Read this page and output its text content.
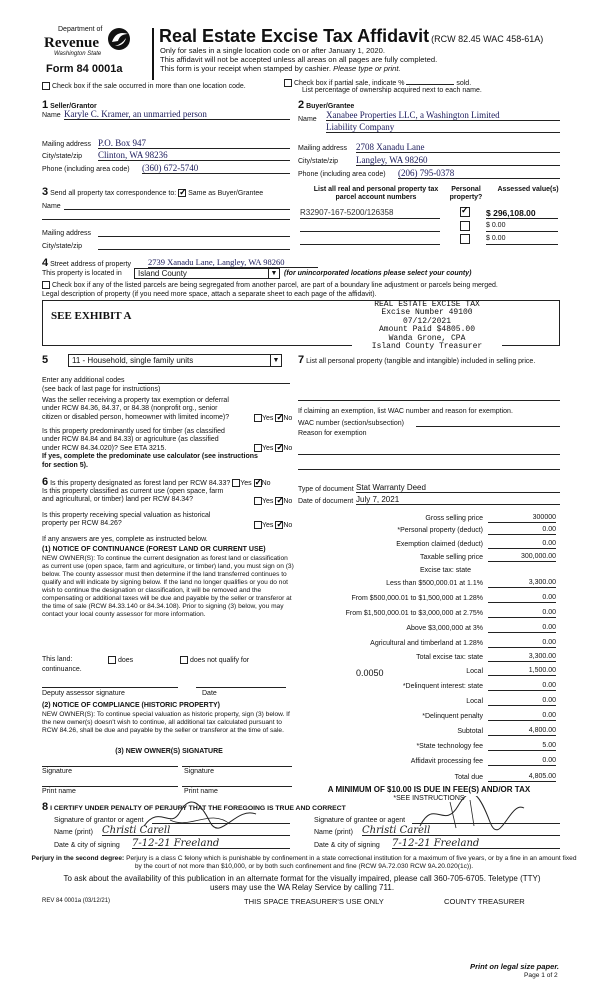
Department of
Revenue
Washington State
Form 84 0001a
Real Estate Excise Tax Affidavit (RCW 82.45 WAC 458-61A)
Only for sales in a single location code on or after January 1, 2020.
This affidavit will not be accepted unless all areas on all pages are fully completed.
This form is your receipt when stamped by cashier. Please type or print.
Check box if the sale occurred in more than one location code.	Check box if partial sale, indicate %	sold.
List percentage of ownership acquired next to each name.
1 Seller/Grantor
Name Karyle C. Kramer, an unmarried person
Mailing address P.O. Box 947
City/state/zip Clinton, WA 98236
Phone (including area code) (360) 672-5740
2 Buyer/Grantee
Name Xanabee Properties LLC, a Washington Limited
Liability Company
Mailing address 2708 Xanadu Lane
City/state/zip Langley, WA 98260
Phone (including area code) (206) 795-0378
3 Send all property tax correspondence to: ✓ Same as Buyer/Grantee
Name
Mailing address
City/state/zip
List all real and personal property tax parcel account numbers
Personal property?
Assessed value(s)
R32907-167-5200/126358 ✓	$ 296,108.00
$ 0.00
$ 0.00
4 Street address of property 2739 Xanadu Lane, Langley, WA 98260
This property is located in	Island County	▼ (for unincorporated locations please select your county)
Check box if any of the listed parcels are being segregated from another parcel, are part of a boundary line adjustment or parcels being merged.
Legal description of property (if you need more space, attach a separate sheet to each page of the affidavit).
SEE EXHIBIT A
REAL ESTATE EXCISE TAX
Excise Number 49100
07/12/2021
Amount Paid $4805.00
Wanda Grone, CPA
Island County Treasurer
5	11 - Household, single family units	▼
Enter any additional codes
(see back of last page for instructions)
Was the seller receiving a property tax exemption or deferral
under RCW 84.36, 84.37, or 84.38 (nonprofit org., senior
citizen or disabled person, homeowner with limited income)?	Yes ✓ No
Is this property predominantly used for timber (as classified
under RCW 84.84 and 84.33) or agriculture (as classified
under RCW 84.34.020)? See ETA 3215.
If yes, complete the predominate use calculator (see instructions for section 5).
Yes ✓ No
6 Is this property designated as forest land per RCW 84.33? Yes ✓ No
Is this property classified as current use (open space, farm
and agricultural, or timber) land per RCW 84.34?	Yes ✓ No
Is this property receiving special valuation as historical
property per RCW 84.26?	Yes ✓ No
If any answers are yes, complete as instructed below.
(1) NOTICE OF CONTINUANCE (FOREST LAND OR CURRENT USE)
NEW OWNER(S): To continue the current designation as forest land or classification as current use (open space, farm and agriculture, or timber) land, you must sign on (3) below. The county assessor must then determine if the land transferred continues to qualify and will indicate by signing below. If the land no longer qualifies or you do not wish to continue the designation or classification, it will be removed and the compensating or additional taxes will be due and payable by the seller or transferor at the time of sale (RCW 84.33.140 or 84.34.108). Prior to signing (3) below, you may contact your local county assessor for more information.
This land:	does	does not qualify for
continuance.
Deputy assessor signature	Date
(2) NOTICE OF COMPLIANCE (HISTORIC PROPERTY)
NEW OWNER(S): To continue special valuation as historic property, sign (3) below. If the new owner(s) doesn't wish to continue, all additional tax calculated pursuant to RCW 84.26, shall be due and payable by the seller or transferor at the time of sale.
(3) NEW OWNER(S) SIGNATURE
Signature	Signature
Print name	Print name
7 List all personal property (tangible and intangible) included in selling price.
If claiming an exemption, list WAC number and reason for exemption.
WAC number (section/subsection)
Reason for exemption
Type of document Stat Warranty Deed
Date of document July 7, 2021
Gross selling price	300000
*Personal property (deduct)	0.00
Exemption claimed (deduct)	0.00
Taxable selling price	300,000.00
Excise tax: state
Less than $500,000.01 at 1.1%	3,300.00
From $500,000.01 to $1,500,000 at 1.28%	0.00
From $1,500,000.01 to $3,000,000 at 2.75%	0.00
Above $3,000,000 at 3%	0.00
Agricultural and timberland at 1.28%	0.00
Total excise tax: state	3,300.00
0.0050	Local	1,500.00
*Delinquent interest: state	0.00
Local	0.00
*Delinquent penalty	0.00
Subtotal	4,800.00
*State technology fee	5.00
Affidavit processing fee	0.00
Total due	4,805.00
A MINIMUM OF $10.00 IS DUE IN FEE(S) AND/OR TAX
*SEE INSTRUCTIONS
8 I CERTIFY UNDER PENALTY OF PERJURY THAT THE FOREGOING IS TRUE AND CORRECT
Signature of grantor or agent
Name (print) Christi Carell
Date & city of signing 7-12-21 Freeland
Signature of grantee or agent
Name (print) Christi Carell
Date & city of signing 7-12-21 Freeland
Perjury in the second degree: Perjury is a class C felony which is punishable by confinement in a state correctional institution for a maximum of five years, or by a fine in an amount fixed by the court of not more than $10,000, or by both such confinement and fine (RCW 9A.72.030 RCW 9A.20.020(1c)).
To ask about the availability of this publication in an alternate format for the visually impaired, please call 360-705-6705. Teletype (TTY) users may use the WA Relay Service by calling 711.
REV 84 0001a (03/12/21)	THIS SPACE TREASURER'S USE ONLY	COUNTY TREASURER
Print on legal size paper.
Page 1 of 2
